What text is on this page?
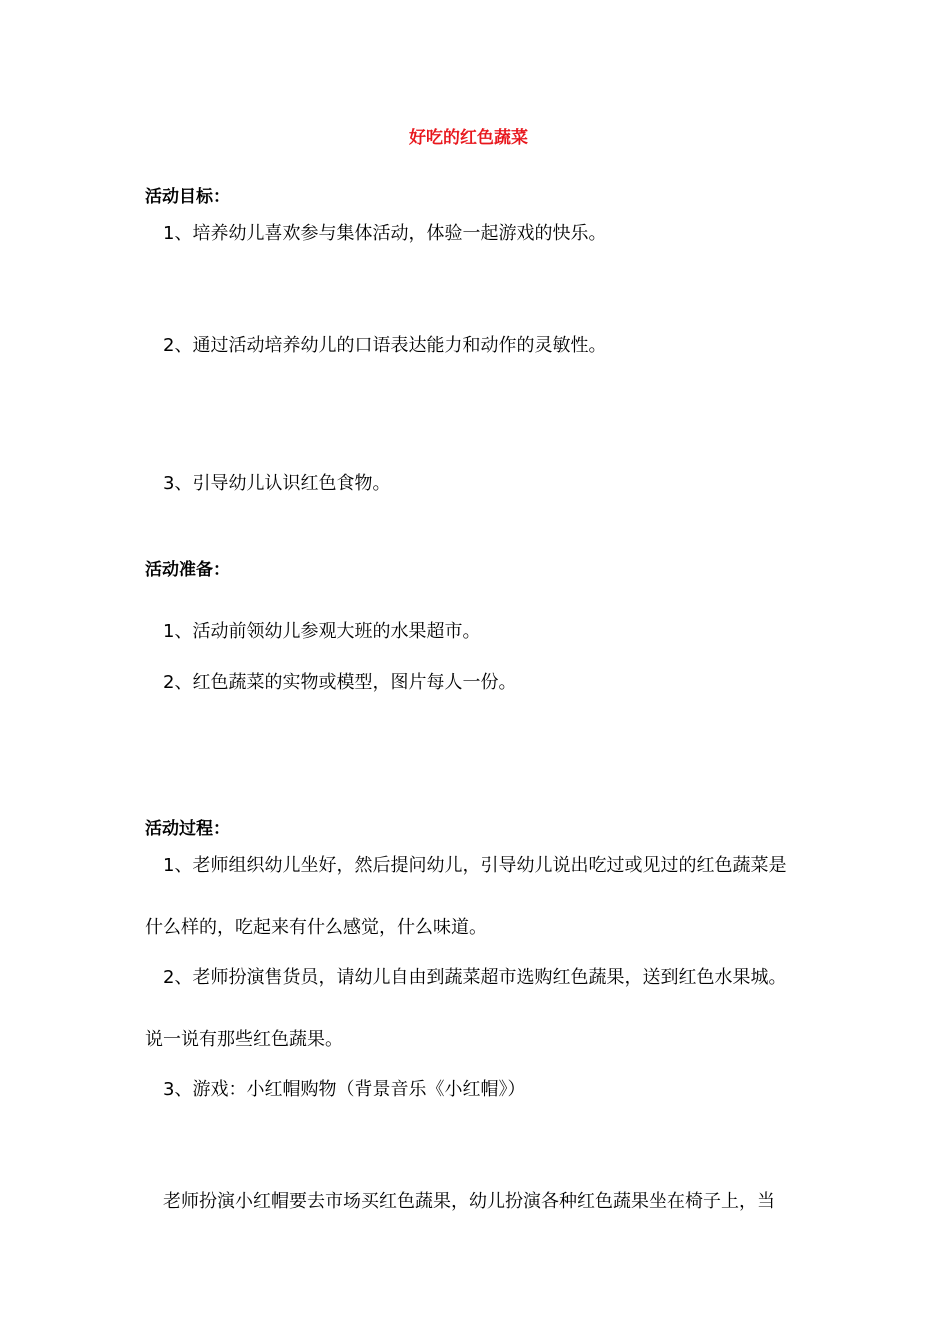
好吃的红色蔬菜
活动目标：
1、培养幼儿喜欢参与集体活动，体验一起游戏的快乐。
2、通过活动培养幼儿的口语表达能力和动作的灵敏性。
3、引导幼儿认识红色食物。
活动准备：
1、活动前领幼儿参观大班的水果超市。
2、红色蔬菜的实物或模型，图片每人一份。
活动过程：
1、老师组织幼儿坐好，然后提问幼儿，引导幼儿说出吃过或见过的红色蔬菜是
什么样的，吃起来有什么感觉，什么味道。
2、老师扮演售货员，请幼儿自由到蔬菜超市选购红色蔬果，送到红色水果城。
说一说有那些红色蔬果。
3、游戏：小红帽购物（背景音乐《小红帽》）
老师扮演小红帽要去市场买红色蔬果，幼儿扮演各种红色蔬果坐在椅子上，当
